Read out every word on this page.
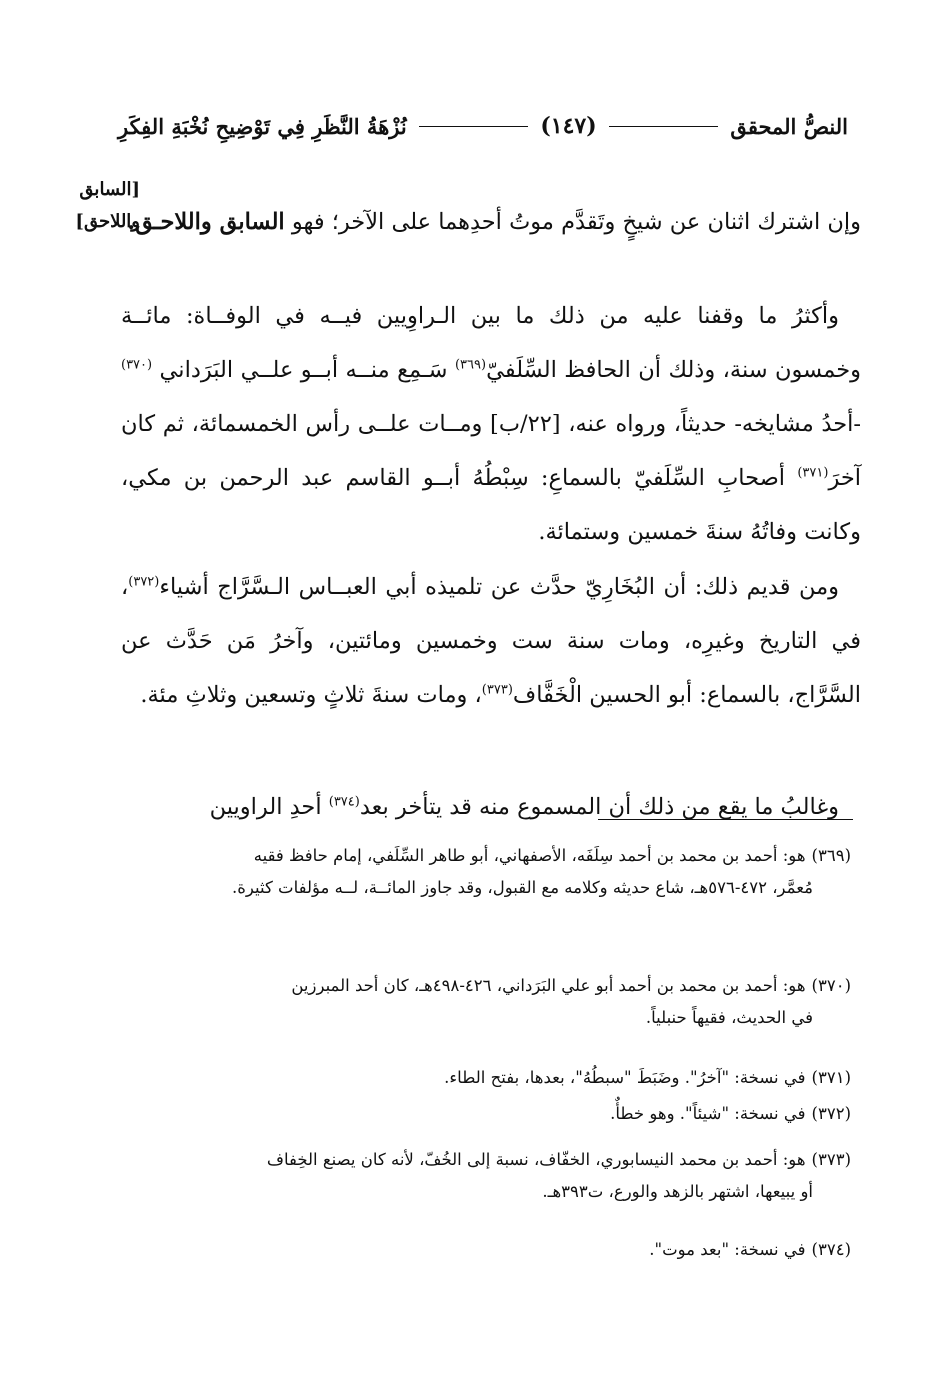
النصُّ المحقق
(١٤٧)
نُزْهَةُ النَّظَرِ فِي تَوْضِيحِ نُخْبَةِ الفِكَرِ
[السابق
واللاحق]	وإن اشترك اثنان عن شيخٍ وتَقدَّم موتُ أحدِهما على الآخر؛ فهو السابق واللاحـق.

وأكثرُ ما وقفنا عليه من ذلك ما بين الـراوِيين فيــه في الوفــاة: مائــة وخمسون سنة، وذلك أن الحافظ السِّلَفيّ$^{(٣٦٩)}$ سَـمِع منــه أبــو علــي البَرَداني $^{(٣٧٠)}$ -أحدُ مشايخه- حديثاً، ورواه عنه، [٢٢/ب] ومــات علــى رأس الخمسمائة، ثم كان آخرَ$^{(٣٧١)}$ أصحابِ السِّلَفيّ بالسماعِ: سِبْطُهُ أبــو القاسم عبد الرحمن بن مكي، وكانت وفاتُهُ سنةَ خمسين وستمائة.

ومن قديم ذلك: أن البُخَارِيّ حدَّث عن تلميذه أبي العبــاس الـسَّرَّاج أشياء$^{(٣٧٢)}$، في التاريخ وغيرِه، ومات سنة ست وخمسين ومائتين، وآخرُ مَن حَدَّث عن السَّرَّاج، بالسماع: أبو الحسين الْخَفَّاف$^{(٣٧٣)}$، ومات سنةَ ثلاثٍ وتسعين وثلاثِ مئة.

وغالبُ ما يقع من ذلك أن المسموع منه قد يتأخر بعد$^{(٣٧٤)}$ أحدِ الراويين

(٣٦٩)هو: أحمد بن محمد بن أحمد سِلَفَه، الأصفهاني، أبو طاهر السِّلَفي، إمام حافظ فقيه
مُعمَّر، ٤٧٢-٥٧٦هـ، شاع حديثه وكلامه مع القبول، وقد جاوز المائــة، لــه مؤلفات كثيرة.
(٣٧٠)هو: أحمد بن محمد بن أحمد أبو علي البَرَداني، ٤٢٦-٤٩٨هـ، كان أحد المبرزين
في الحديث، فقيهاً حنبلياً.
(٣٧١)في نسخة: "آخرُ". وضَبَطَ "سبطُهُ"، بعدها، بفتح الطاء.
(٣٧٢)في نسخة: "شيئاً". وهو خطأٌ.
(٣٧٣)هو: أحمد بن محمد النيسابوري، الخفّاف، نسبة إلى الخُفّ، لأنه كان يصنع الخِفاف
أو يبيعها، اشتهر بالزهد والورع، ت٣٩٣هـ.
(٣٧٤)في نسخة: "بعد موت".
